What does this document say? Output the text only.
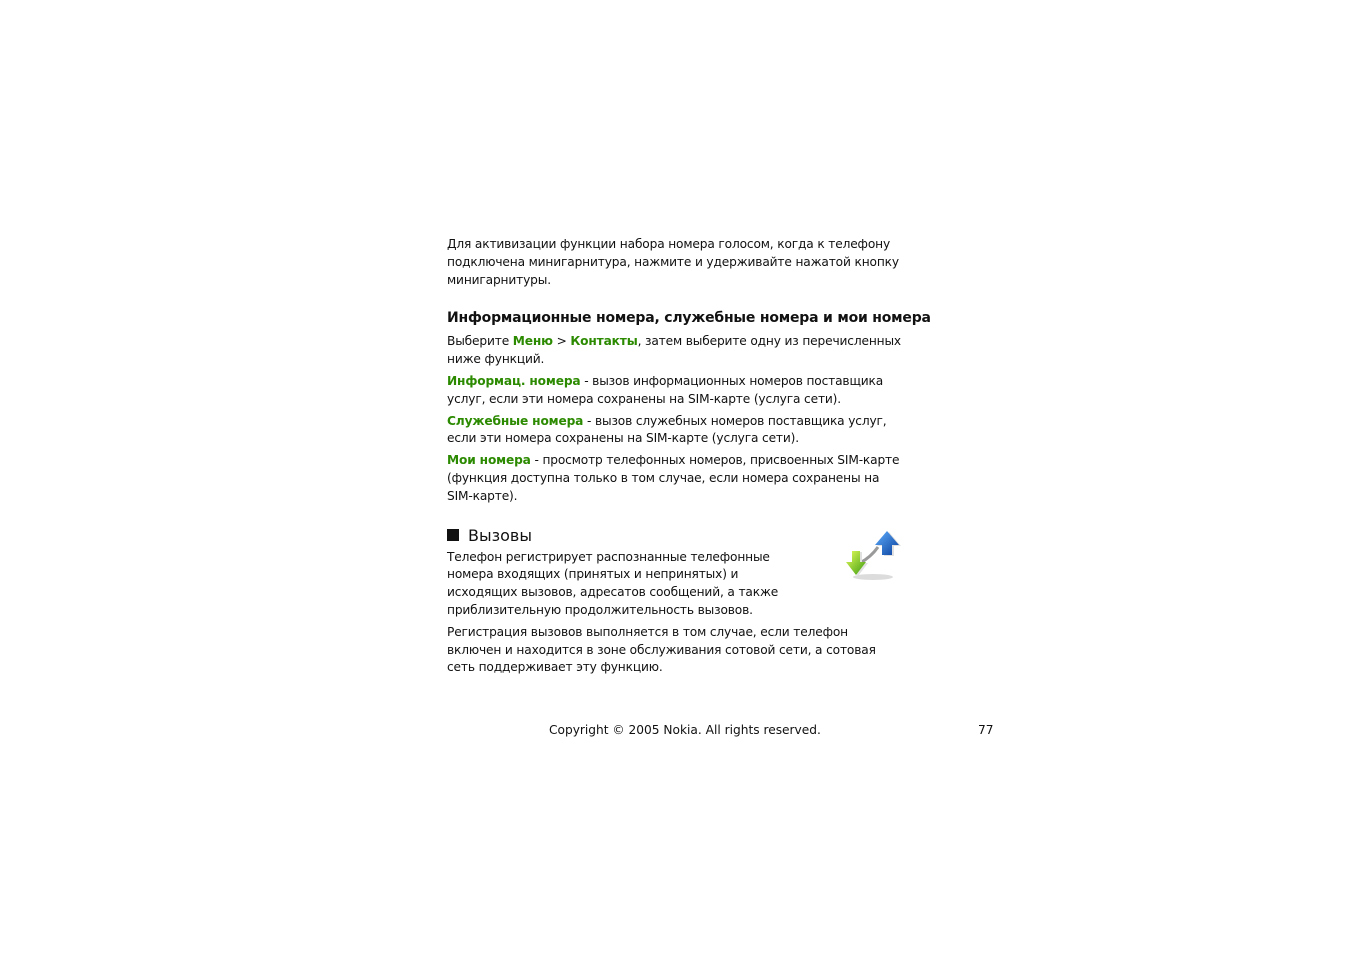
Для активизации функции набора номера голосом, когда к телефону подключена минигарнитура, нажмите и удерживайте нажатой кнопку минигарнитуры.

Информационные номера, служебные номера и мои номера

Выберите Меню > Контакты, затем выберите одну из перечисленных ниже функций.

Информац. номера - вызов информационных номеров поставщика услуг, если эти номера сохранены на SIM-карте (услуга сети).

Служебные номера - вызов служебных номеров поставщика услуг, если эти номера сохранены на SIM-карте (услуга сети).

Мои номера - просмотр телефонных номеров, присвоенных SIM-карте (функция доступна только в том случае, если номера сохранены на SIM-карте).

Вызовы

Телефон регистрирует распознанные телефонные номера входящих (принятых и непринятых) и исходящих вызовов, адресатов сообщений, а также приблизительную продолжительность вызовов.

Регистрация вызовов выполняется в том случае, если телефон включен и находится в зоне обслуживания сотовой сети, а сотовая сеть поддерживает эту функцию.

Copyright © 2005 Nokia. All rights reserved.	77
